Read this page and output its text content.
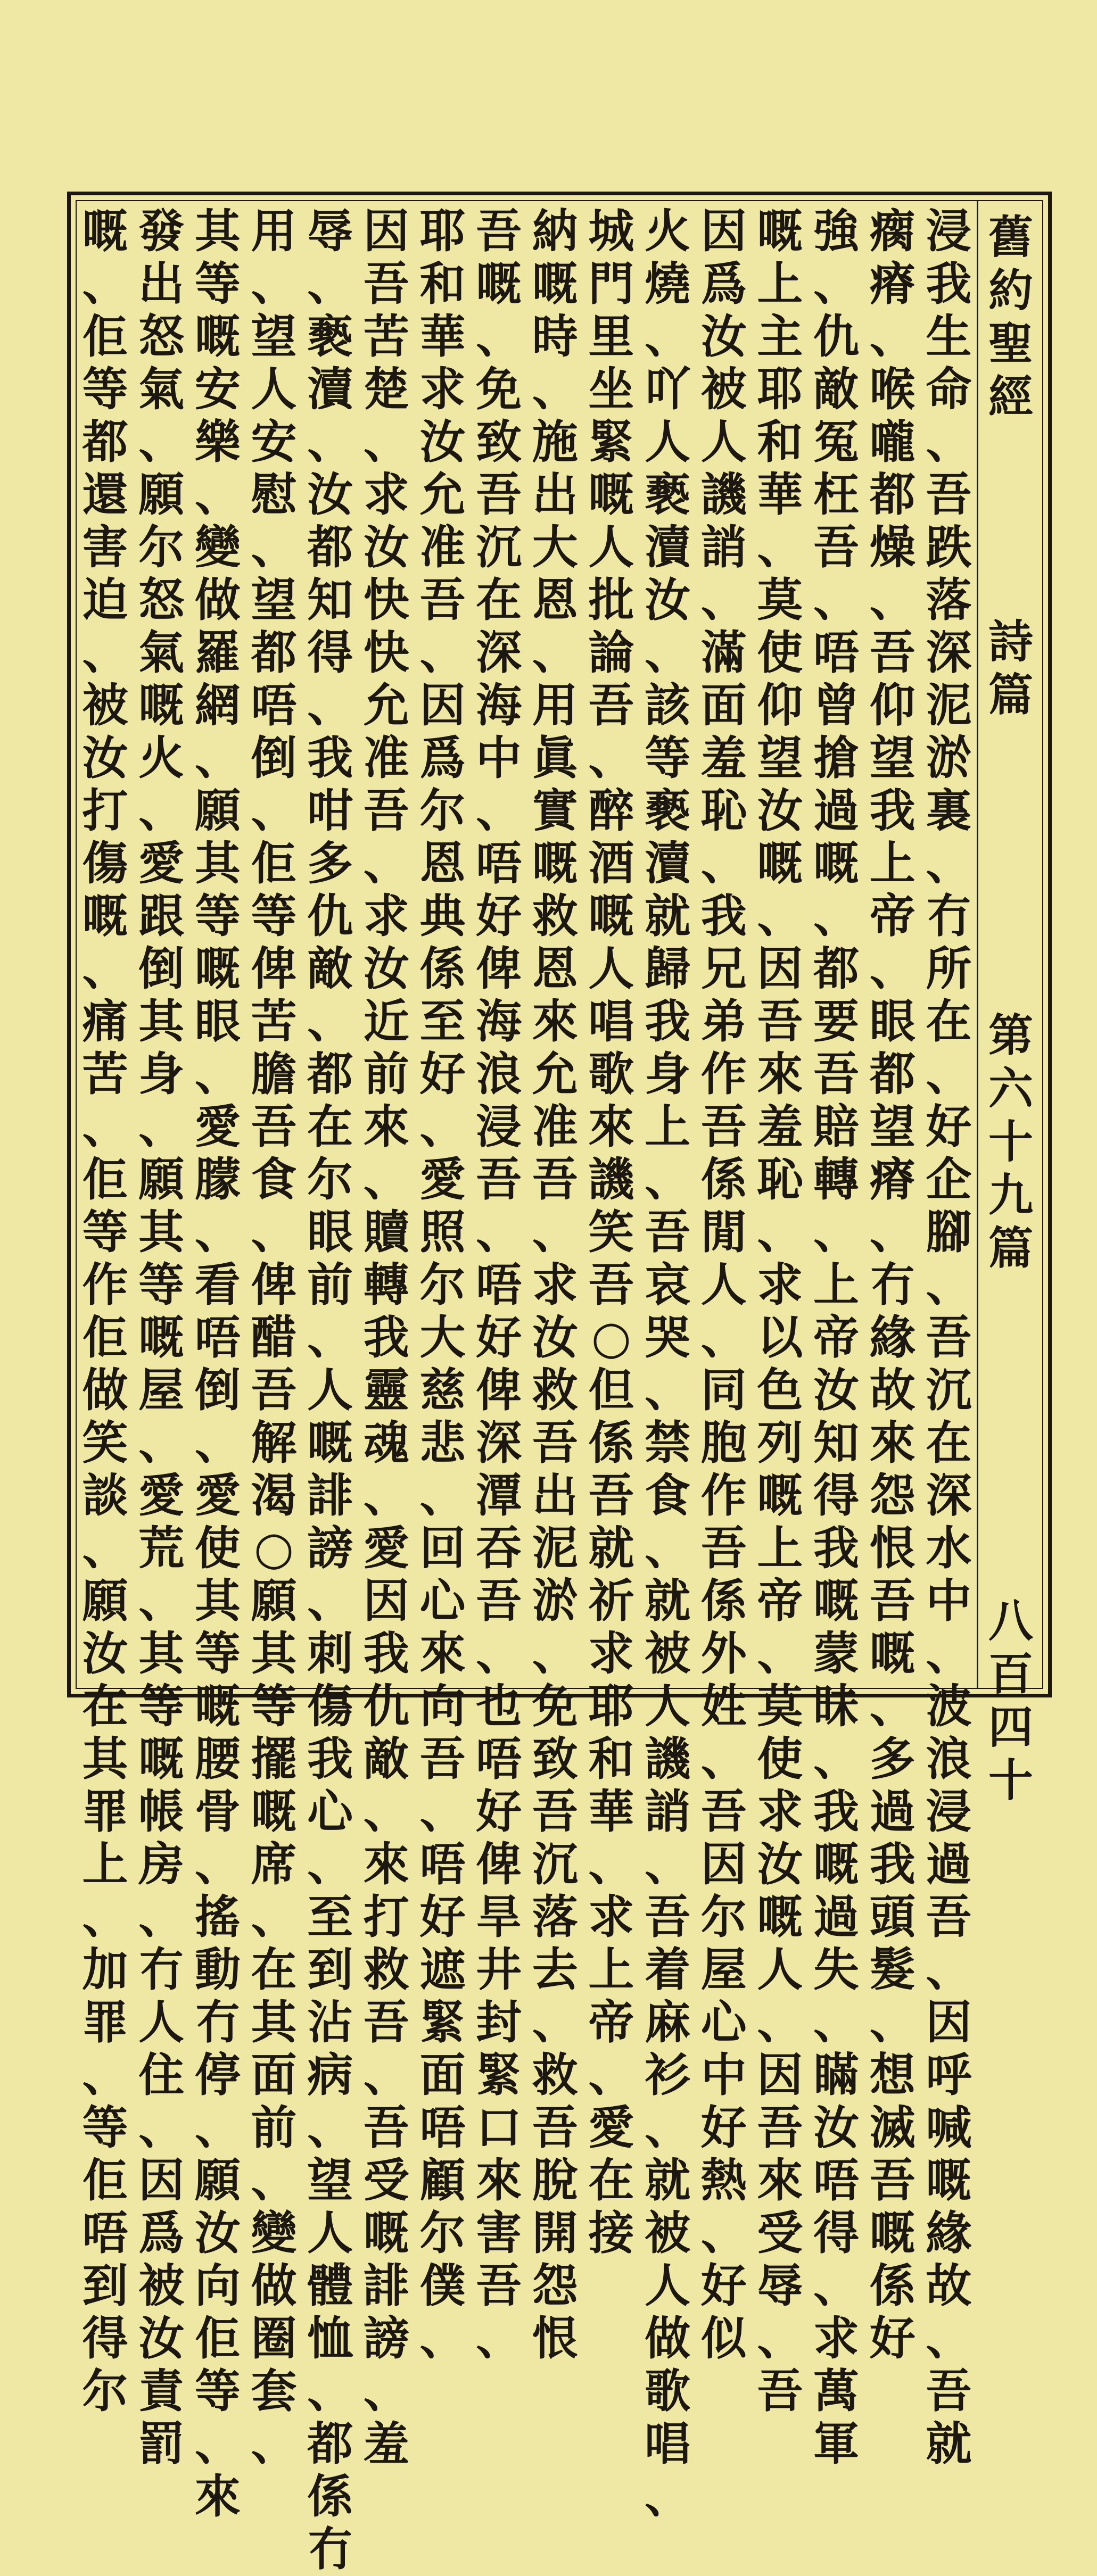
舊
約
聖
經
詩
篇
第
六
十
九
篇
八
百
四
十
浸
我
生
命
、
吾
跌
落
深
泥
淤
裏
、
冇
所
在
、
好
企
腳
、
吾
沉
在
深
水
中
、
波
浪
浸
過
吾
、
因
呼
喊
嘅
緣
故
、
吾
就
瘸
瘠
、
喉
嚨
都
燥
、
吾
仰
望
我
上
帝
、
眼
都
望
瘠
、
冇
緣
故
來
怨
恨
吾
嘅
、
多
過
我
頭
髮
、
想
滅
吾
嘅
係
好
強
、
仇
敵
冤
枉
吾
、
唔
曾
搶
過
嘅
、
都
要
吾
賠
轉
、
上
帝
汝
知
得
我
嘅
蒙
昧
、
我
嘅
過
失
、
瞞
汝
唔
得
、
求
萬
軍
嘅
上
主
耶
和
華
、
莫
使
仰
望
汝
嘅
、
因
吾
來
羞
恥
、
求
以
色
列
嘅
上
帝
、
莫
使
求
汝
嘅
人
、
因
吾
來
受
辱
、
吾
因
爲
汝
被
人
譏
誚
、
滿
面
羞
恥
、
我
兄
弟
作
吾
係
閒
人
、
同
胞
作
吾
係
外
姓
、
吾
因
尔
屋
心
中
好
熱
、
好
似
火
燒
、
吖
人
褻
瀆
汝
、
該
等
褻
瀆
就
歸
我
身
上
、
吾
哀
哭
、
禁
食
、
就
被
人
譏
誚
、
吾
着
麻
衫
、
就
被
人
做
歌
唱
、
城
門
里
坐
緊
嘅
人
批
論
吾
、
醉
酒
嘅
人
唱
歌
來
譏
笑
吾
○
但
係
吾
就
祈
求
耶
和
華
、
求
上
帝
、
愛
在
接
納
嘅
時
、
施
出
大
恩
、
用
眞
實
嘅
救
恩
來
允
准
吾
、
求
汝
救
吾
出
泥
淤
、
免
致
吾
沉
落
去
、
救
吾
脫
開
怨
恨
吾
嘅
、
免
致
吾
沉
在
深
海
中
、
唔
好
俾
海
浪
浸
吾
、
唔
好
俾
深
潭
吞
吾
、
也
唔
好
俾
旱
井
封
緊
口
來
害
吾
、
耶
和
華
求
汝
允
准
吾
、
因
爲
尔
恩
典
係
至
好
、
愛
照
尔
大
慈
悲
、
回
心
來
向
吾
、
唔
好
遮
緊
面
唔
顧
尔
僕
、
因
吾
苦
楚
、
求
汝
快
快
允
准
吾
、
求
汝
近
前
來
、
贖
轉
我
靈
魂
、
愛
因
我
仇
敵
、
來
打
救
吾
、
吾
受
嘅
誹
謗
、
羞
辱
、
褻
瀆
、
汝
都
知
得
、
我
咁
多
仇
敵
、
都
在
尔
眼
前
、
人
嘅
誹
謗
、
刺
傷
我
心
、
至
到
沾
病
、
望
人
體
恤
、
都
係
冇
用
、
望
人
安
慰
、
望
都
唔
倒
、
佢
等
俾
苦
膽
吾
食
、
俾
醋
吾
解
渴
○
願
其
等
擺
嘅
席
、
在
其
面
前
、
變
做
圈
套
、
其
等
嘅
安
樂
、
變
做
羅
網
、
願
其
等
嘅
眼
、
愛
朦
、
看
唔
倒
、
愛
使
其
等
嘅
腰
骨
、
搖
動
冇
停
、
願
汝
向
佢
等
、
來
發
出
怒
氣
、
願
尔
怒
氣
嘅
火
、
愛
跟
倒
其
身
、
願
其
等
嘅
屋
、
愛
荒
、
其
等
嘅
帳
房
、
冇
人
住
、
因
爲
被
汝
責
罰
嘅
、
佢
等
都
還
害
迫
、
被
汝
打
傷
嘅
、
痛
苦
、
佢
等
作
佢
做
笑
談
、
願
汝
在
其
罪
上
、
加
罪
、
等
佢
唔
到
得
尔
